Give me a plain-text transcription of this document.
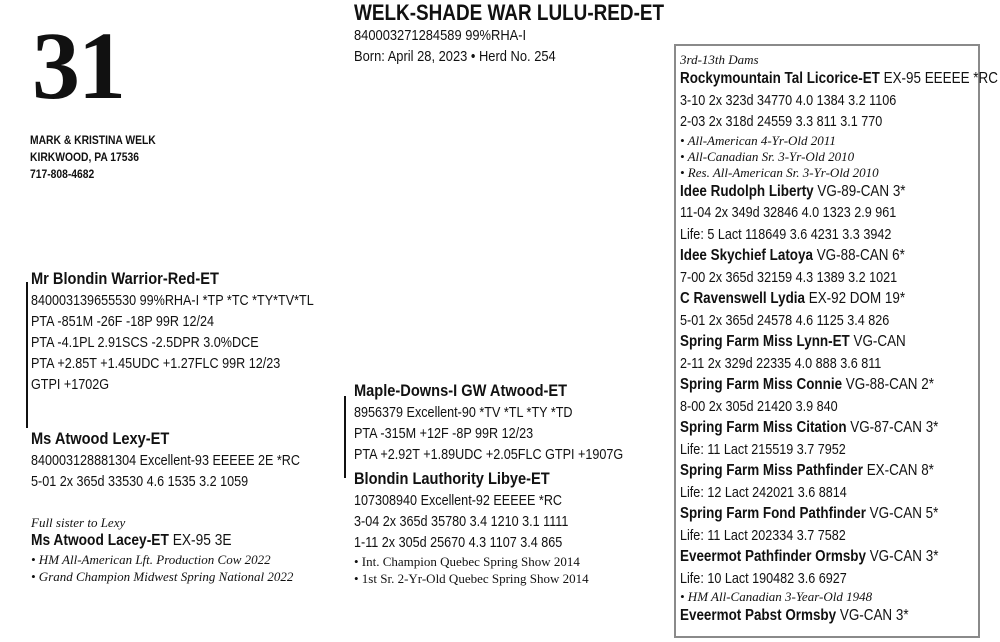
31
MARK & KRISTINA WELK
KIRKWOOD, PA 17536
717-808-4682
WELK-SHADE WAR LULU-RED-ET
840003271284589 99%RHA-I
Born: April 28, 2023 • Herd No. 254
Mr Blondin Warrior-Red-ET
840003139655530 99%RHA-I *TP *TC *TY*TV*TL
PTA -851M -26F -18P 99R 12/24
PTA -4.1PL 2.91SCS -2.5DPR 3.0%DCE
PTA +2.85T +1.45UDC +1.27FLC 99R 12/23
GTPI +1702G
Ms Atwood Lexy-ET
840003128881304 Excellent-93 EEEEE 2E *RC
5-01 2x 365d 33530 4.6 1535 3.2 1059
Full sister to Lexy
Ms Atwood Lacey-ET EX-95 3E
• HM All-American Lft. Production Cow 2022
• Grand Champion Midwest Spring National 2022
Maple-Downs-I GW Atwood-ET
8956379 Excellent-90 *TV *TL *TY *TD
PTA -315M +12F -8P 99R 12/23
PTA +2.92T +1.89UDC +2.05FLC GTPI +1907G
Blondin Lauthority Libye-ET
107308940 Excellent-92 EEEEE *RC
3-04 2x 365d 35780 3.4 1210 3.1 1111
1-11 2x 305d 25670 4.3 1107 3.4 865
• Int. Champion Quebec Spring Show 2014
• 1st Sr. 2-Yr-Old Quebec Spring Show 2014
3rd-13th Dams
Rockymountain Tal Licorice-ET EX-95 EEEEE *RC
3-10 2x 323d 34770 4.0 1384 3.2 1106
2-03 2x 318d 24559 3.3 811 3.1 770
• All-American 4-Yr-Old 2011
• All-Canadian Sr. 3-Yr-Old 2010
• Res. All-American Sr. 3-Yr-Old 2010
Idee Rudolph Liberty VG-89-CAN 3*
11-04 2x 349d 32846 4.0 1323 2.9 961
Life: 5 Lact 118649 3.6 4231 3.3 3942
Idee Skychief Latoya VG-88-CAN 6*
7-00 2x 365d 32159 4.3 1389 3.2 1021
C Ravenswell Lydia EX-92 DOM 19*
5-01 2x 365d 24578 4.6 1125 3.4 826
Spring Farm Miss Lynn-ET VG-CAN
2-11 2x 329d 22335 4.0 888 3.6 811
Spring Farm Miss Connie VG-88-CAN 2*
8-00 2x 305d 21420 3.9 840
Spring Farm Miss Citation VG-87-CAN 3*
Life: 11 Lact 215519 3.7 7952
Spring Farm Miss Pathfinder EX-CAN 8*
Life: 12 Lact 242021 3.6 8814
Spring Farm Fond Pathfinder VG-CAN 5*
Life: 11 Lact 202334 3.7 7582
Eveermot Pathfinder Ormsby VG-CAN 3*
Life: 10 Lact 190482 3.6 6927
• HM All-Canadian 3-Year-Old 1948
Eveermot Pabst Ormsby VG-CAN 3*
